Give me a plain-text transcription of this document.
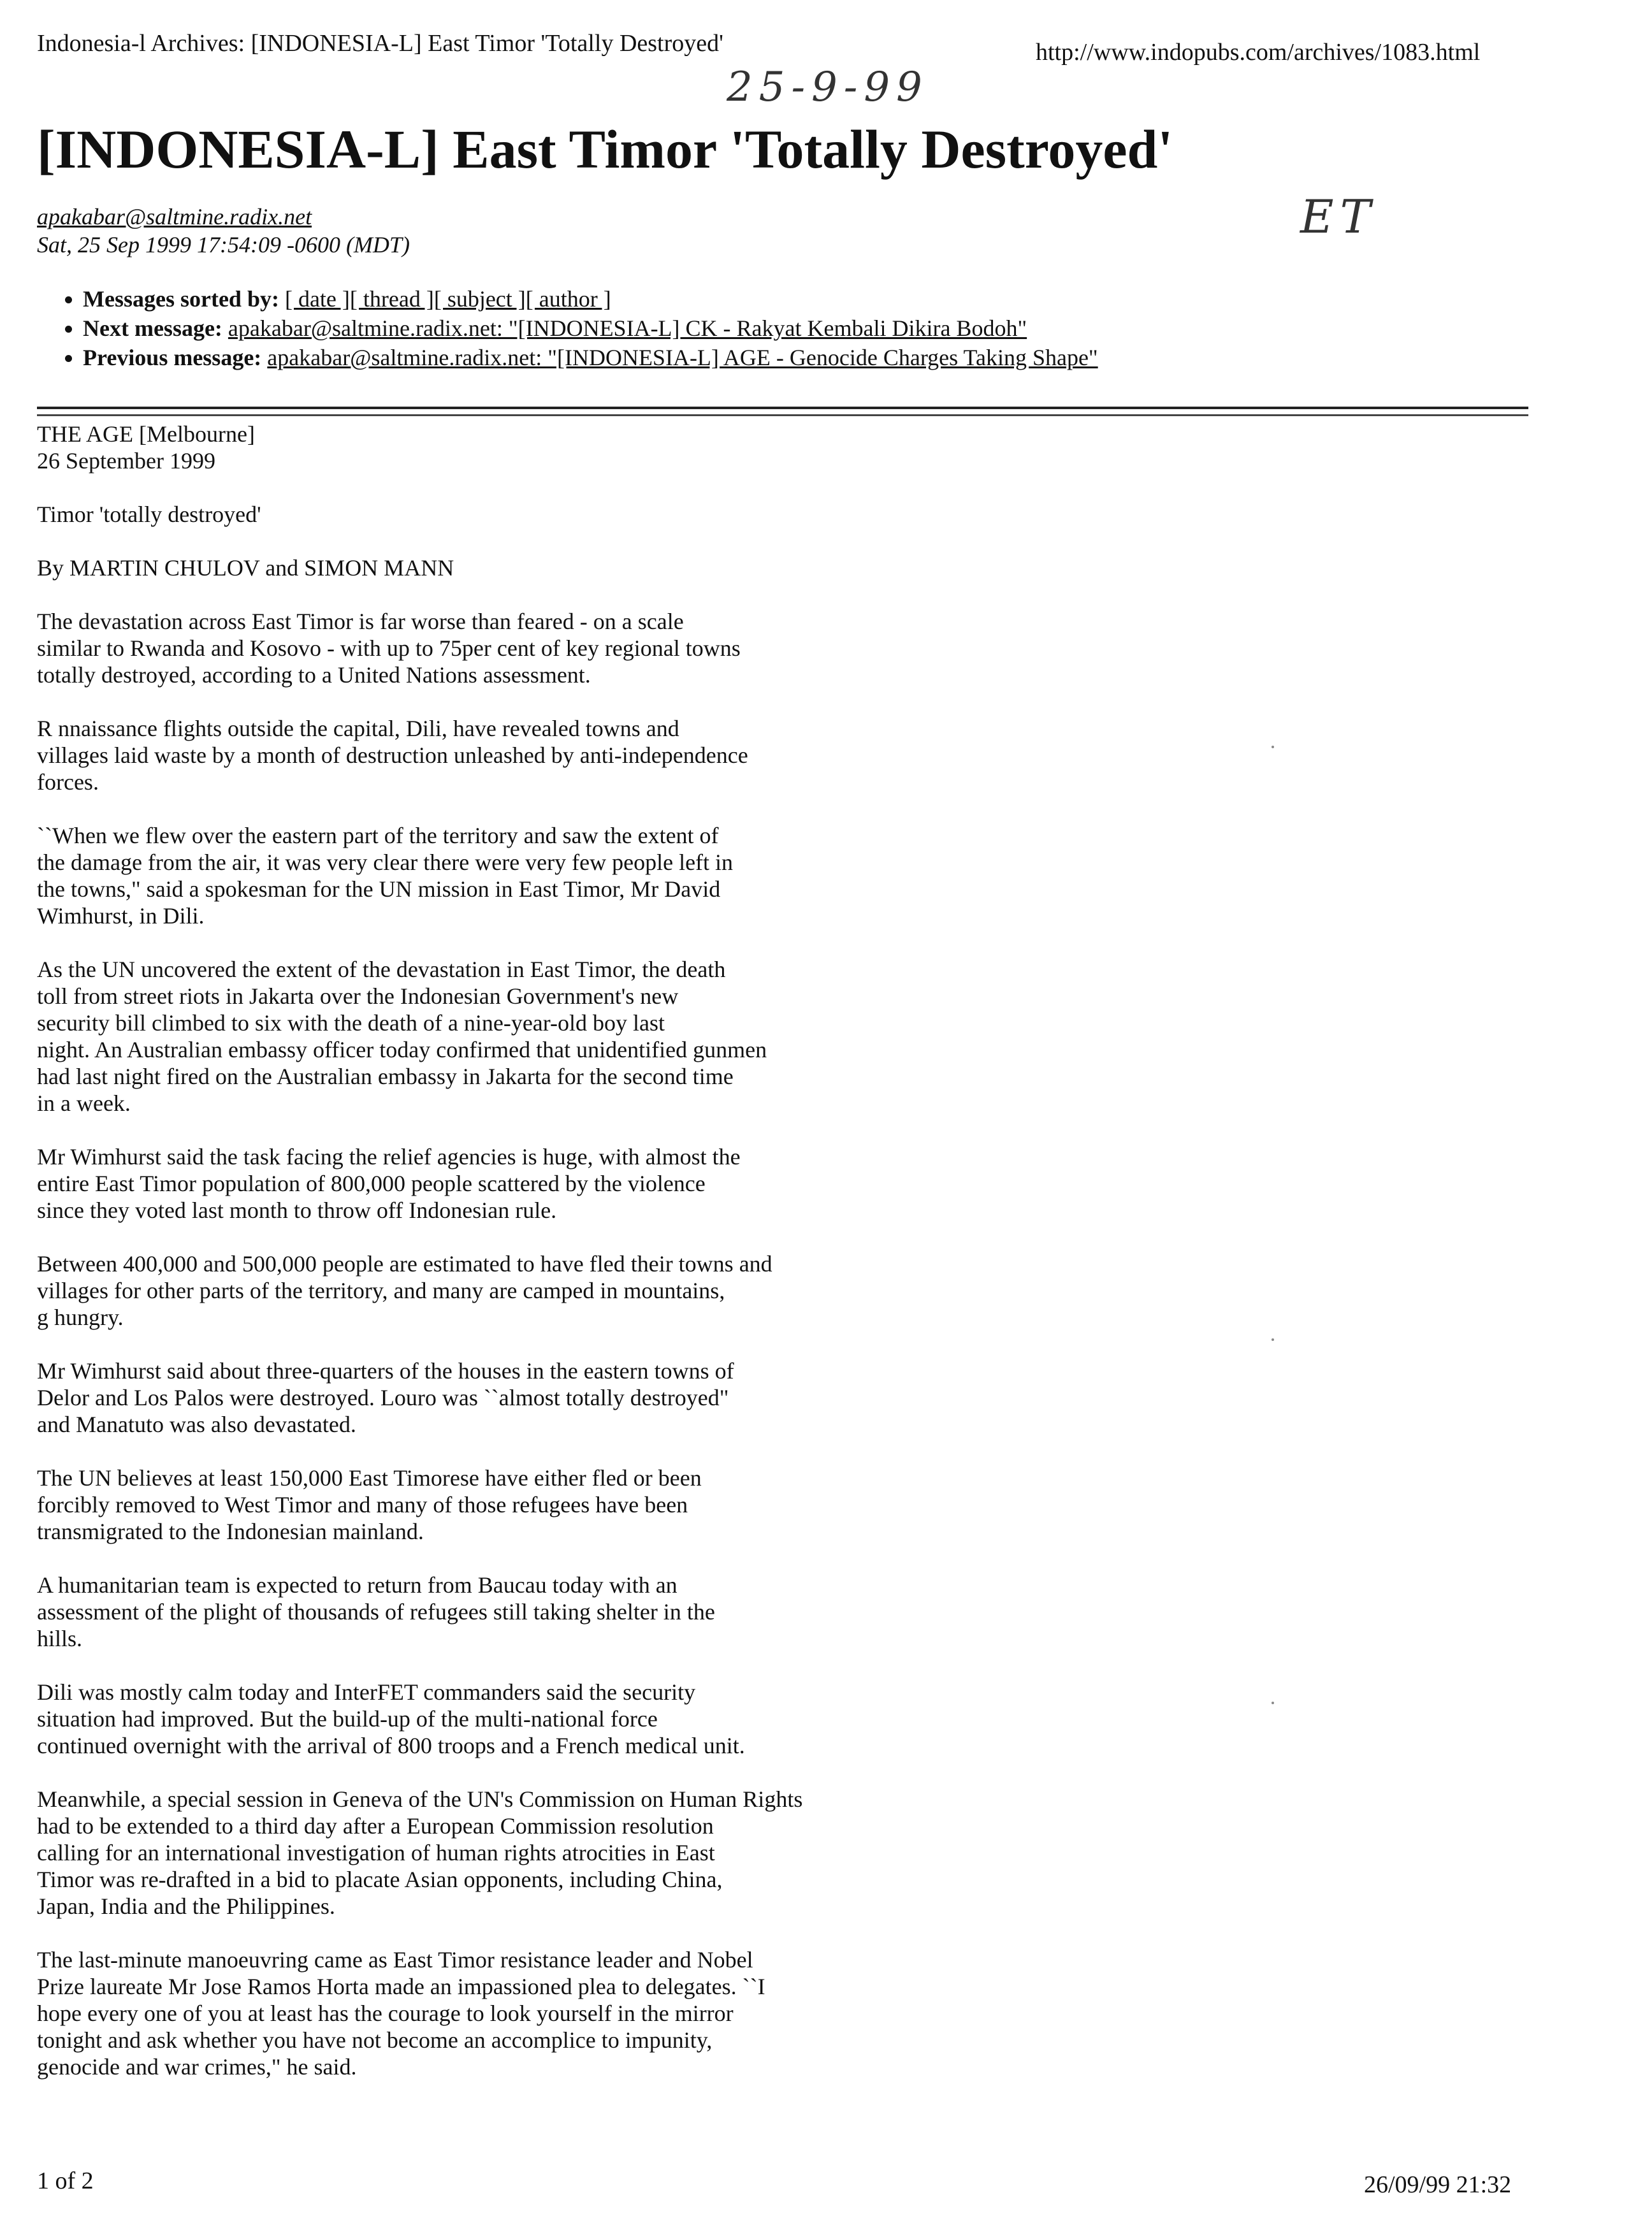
Indonesia-l Archives: [INDONESIA-L] East Timor 'Totally Destroyed'	http://www.indopubs.com/archives/1083.html
25-9-99
ET
[INDONESIA-L] East Timor 'Totally Destroyed'
apakabar@saltmine.radix.net
Sat, 25 Sep 1999 17:54:09 -0600 (MDT)
• Messages sorted by: [ date ][ thread ][ subject ][ author ]
• Next message: apakabar@saltmine.radix.net: "[INDONESIA-L] CK - Rakyat Kembali Dikira Bodoh"
• Previous message: apakabar@saltmine.radix.net: "[INDONESIA-L] AGE - Genocide Charges Taking Shape"

THE AGE [Melbourne]
26 September 1999

Timor 'totally destroyed'

By MARTIN CHULOV and SIMON MANN

The devastation across East Timor is far worse than feared - on a scale
similar to Rwanda and Kosovo - with up to 75per cent of key regional towns
totally destroyed, according to a United Nations assessment.

R nnaissance flights outside the capital, Dili, have revealed towns and
villages laid waste by a month of destruction unleashed by anti-independence
forces.

``When we flew over the eastern part of the territory and saw the extent of
the damage from the air, it was very clear there were very few people left in
the towns," said a spokesman for the UN mission in East Timor, Mr David
Wimhurst, in Dili.

As the UN uncovered the extent of the devastation in East Timor, the death
toll from street riots in Jakarta over the Indonesian Government's new
security bill climbed to six with the death of a nine-year-old boy last
night. An Australian embassy officer today confirmed that unidentified gunmen
had last night fired on the Australian embassy in Jakarta for the second time
in a week.

Mr Wimhurst said the task facing the relief agencies is huge, with almost the
entire East Timor population of 800,000 people scattered by the violence
since they voted last month to throw off Indonesian rule.

Between 400,000 and 500,000 people are estimated to have fled their towns and
villages for other parts of the territory, and many are camped in mountains,
g hungry.

Mr Wimhurst said about three-quarters of the houses in the eastern towns of
Delor and Los Palos were destroyed. Louro was ``almost totally destroyed"
and Manatuto was also devastated.

The UN believes at least 150,000 East Timorese have either fled or been
forcibly removed to West Timor and many of those refugees have been
transmigrated to the Indonesian mainland.

A humanitarian team is expected to return from Baucau today with an
assessment of the plight of thousands of refugees still taking shelter in the
hills.

Dili was mostly calm today and InterFET commanders said the security
situation had improved. But the build-up of the multi-national force
continued overnight with the arrival of 800 troops and a French medical unit.

Meanwhile, a special session in Geneva of the UN's Commission on Human Rights
had to be extended to a third day after a European Commission resolution
calling for an international investigation of human rights atrocities in East
Timor was re-drafted in a bid to placate Asian opponents, including China,
Japan, India and the Philippines.

The last-minute manoeuvring came as East Timor resistance leader and Nobel
Prize laureate Mr Jose Ramos Horta made an impassioned plea to delegates. ``I
hope every one of you at least has the courage to look yourself in the mirror
tonight and ask whether you have not become an accomplice to impunity,
genocide and war crimes," he said.

1 of 2	26/09/99 21:32
